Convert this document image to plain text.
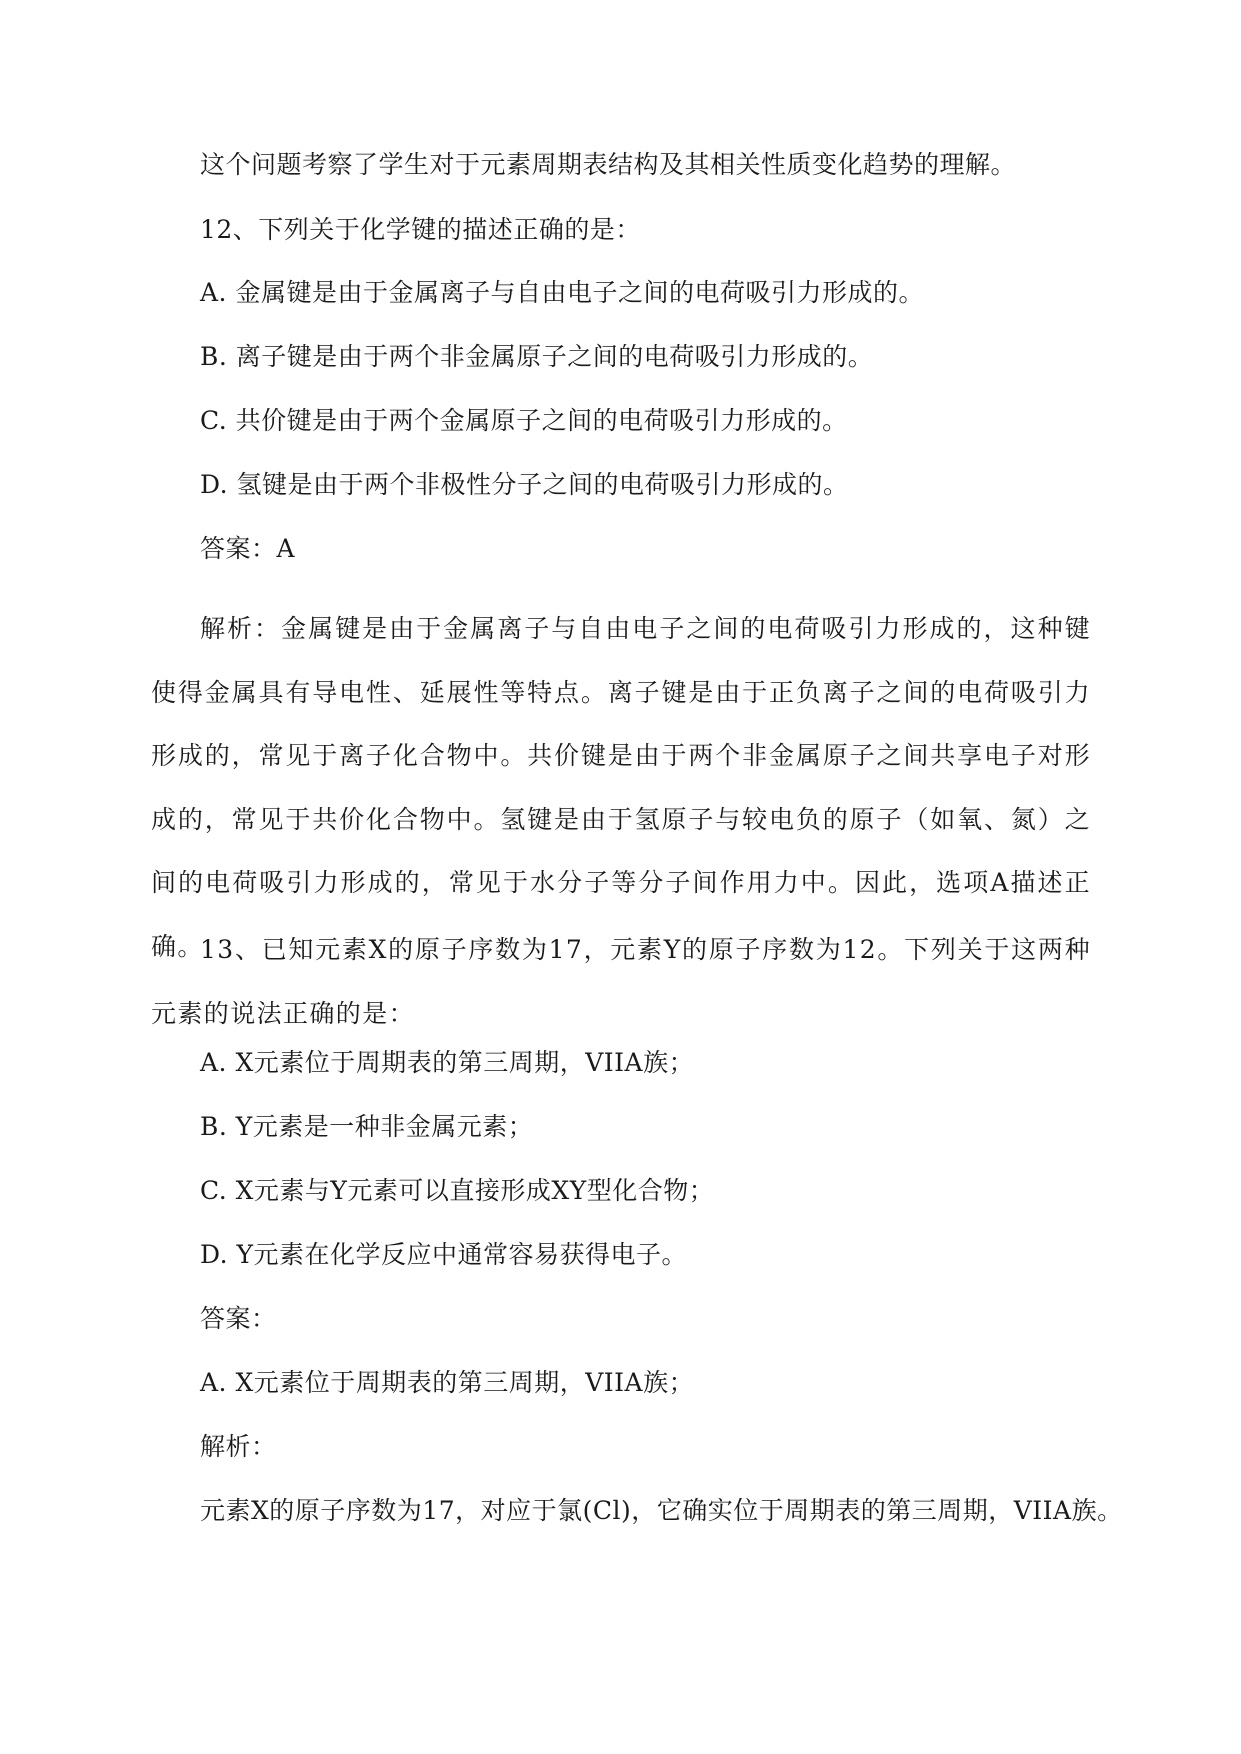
这个问题考察了学生对于元素周期表结构及其相关性质变化趋势的理解。
12、下列关于化学键的描述正确的是：
A. 金属键是由于金属离子与自由电子之间的电荷吸引力形成的。
B. 离子键是由于两个非金属原子之间的电荷吸引力形成的。
C. 共价键是由于两个金属原子之间的电荷吸引力形成的。
D. 氢键是由于两个非极性分子之间的电荷吸引力形成的。
答案：A
解析：金属键是由于金属离子与自由电子之间的电荷吸引力形成的，这种键使得金属具有导电性、延展性等特点。离子键是由于正负离子之间的电荷吸引力形成的，常见于离子化合物中。共价键是由于两个非金属原子之间共享电子对形成的，常见于共价化合物中。氢键是由于氢原子与较电负的原子（如氧、氮）之间的电荷吸引力形成的，常见于水分子等分子间作用力中。因此，选项A描述正确。
13、已知元素X的原子序数为17，元素Y的原子序数为12。下列关于这两种元素的说法正确的是：
A. X元素位于周期表的第三周期，VIIA族；
B. Y元素是一种非金属元素；
C. X元素与Y元素可以直接形成XY型化合物；
D. Y元素在化学反应中通常容易获得电子。
答案：
A. X元素位于周期表的第三周期，VIIA族；
解析：
元素X的原子序数为17，对应于氯(Cl)，它确实位于周期表的第三周期，VIIA族。
